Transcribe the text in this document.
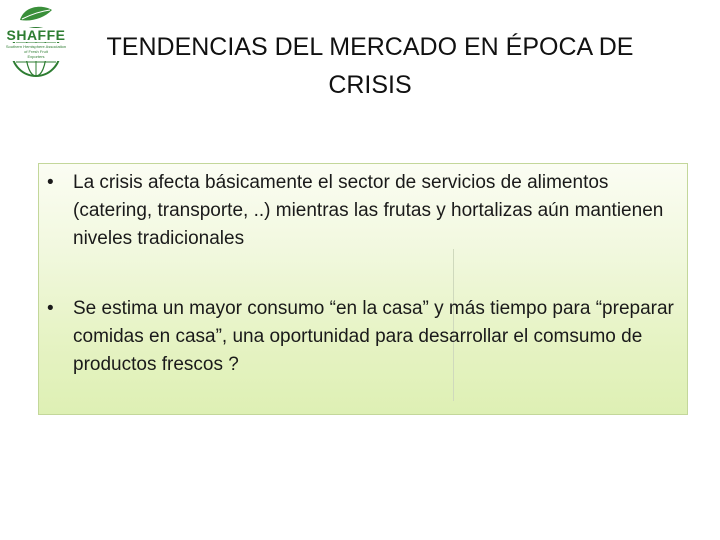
SHAFFE
Southern Hemisphere Association
of Fresh Fruit
Exporters	TENDENCIAS DEL MERCADO EN ÉPOCA DE CRISIS
• La crisis afecta básicamente el sector de servicios de alimentos (catering, transporte, ..) mientras las frutas y hortalizas aún mantienen niveles tradicionales
• Se estima un mayor consumo “en la casa” y más tiempo para “preparar comidas en casa”, una oportunidad para desarrollar el comsumo de productos frescos ?
